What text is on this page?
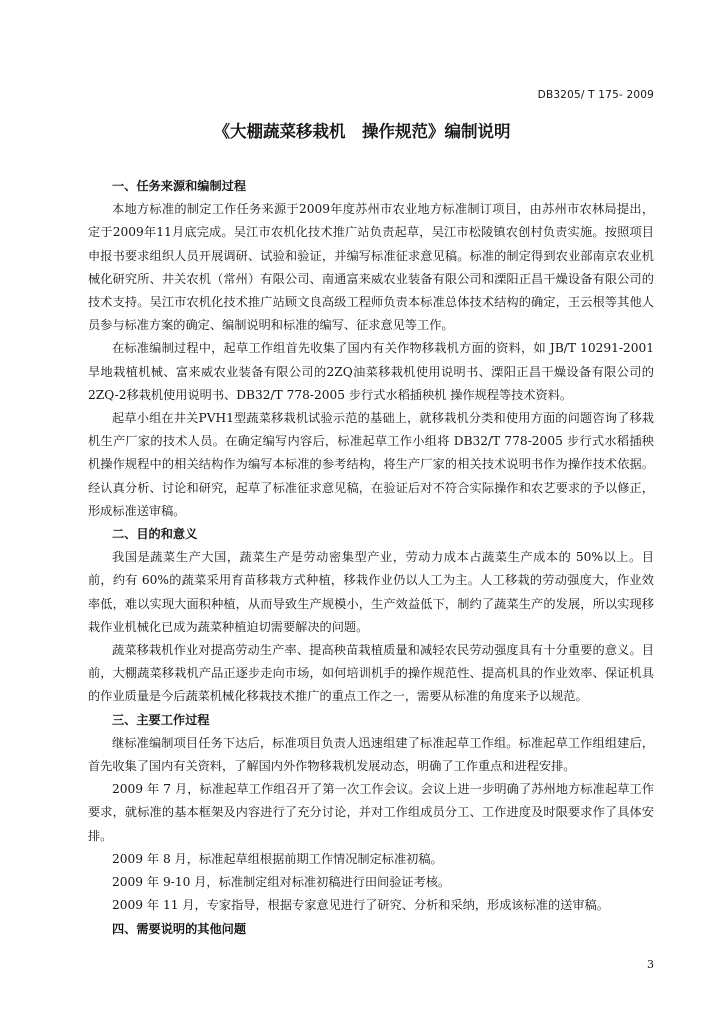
DB3205/ T 175- 2009
《大棚蔬菜移栽机　操作规范》编制说明
一、任务来源和编制过程

本地方标准的制定工作任务来源于2009年度苏州市农业地方标准制订项目，由苏州市农林局提出，定于2009年11月底完成。吴江市农机化技术推广站负责起草，吴江市松陵镇农创村负责实施。按照项目申报书要求组织人员开展调研、试验和验证，并编写标准征求意见稿。标准的制定得到农业部南京农业机械化研究所、井关农机（常州）有限公司、南通富来威农业装备有限公司和溧阳正昌干燥设备有限公司的技术支持。吴江市农机化技术推广站顾文良高级工程师负责本标准总体技术结构的确定，王云根等其他人员参与标准方案的确定、编制说明和标准的编写、征求意见等工作。

在标准编制过程中，起草工作组首先收集了国内有关作物移栽机方面的资料，如 JB/T 10291-2001 旱地栽植机械、富来威农业装备有限公司的2ZQ油菜移栽机使用说明书、溧阳正昌干燥设备有限公司的2ZQ-2移栽机使用说明书、DB32/T 778-2005 步行式水稻插秧机 操作规程等技术资料。

起草小组在井关PVH1型蔬菜移栽机试验示范的基础上，就移栽机分类和使用方面的问题咨询了移栽机生产厂家的技术人员。在确定编写内容后，标准起草工作小组将 DB32/T 778-2005 步行式水稻插秧机操作规程中的相关结构作为编写本标准的参考结构，将生产厂家的相关技术说明书作为操作技术依据。经认真分析、讨论和研究，起草了标准征求意见稿，在验证后对不符合实际操作和农艺要求的予以修正，形成标准送审稿。

二、目的和意义

我国是蔬菜生产大国，蔬菜生产是劳动密集型产业，劳动力成本占蔬菜生产成本的 50%以上。目前，约有 60%的蔬菜采用育苗移栽方式种植，移栽作业仍以人工为主。人工移栽的劳动强度大，作业效率低，难以实现大面积种植，从而导致生产规模小，生产效益低下，制约了蔬菜生产的发展，所以实现移栽作业机械化已成为蔬菜种植迫切需要解决的问题。

蔬菜移栽机作业对提高劳动生产率、提高秧苗栽植质量和减轻农民劳动强度具有十分重要的意义。目前，大棚蔬菜移栽机产品正逐步走向市场，如何培训机手的操作规范性、提高机具的作业效率、保证机具的作业质量是今后蔬菜机械化移栽技术推广的重点工作之一，需要从标准的角度来予以规范。

三、主要工作过程

继标准编制项目任务下达后，标准项目负责人迅速组建了标准起草工作组。标准起草工作组组建后，首先收集了国内有关资料，了解国内外作物移栽机发展动态，明确了工作重点和进程安排。

2009 年 7 月，标准起草工作组召开了第一次工作会议。会议上进一步明确了苏州地方标准起草工作要求，就标准的基本框架及内容进行了充分讨论，并对工作组成员分工、工作进度及时限要求作了具体安排。

2009 年 8 月，标准起草组根据前期工作情况制定标准初稿。
2009 年 9-10 月，标准制定组对标准初稿进行田间验证考核。
2009 年 11 月，专家指导，根据专家意见进行了研究、分析和采纳，形成该标准的送审稿。
四、需要说明的其他问题
3
